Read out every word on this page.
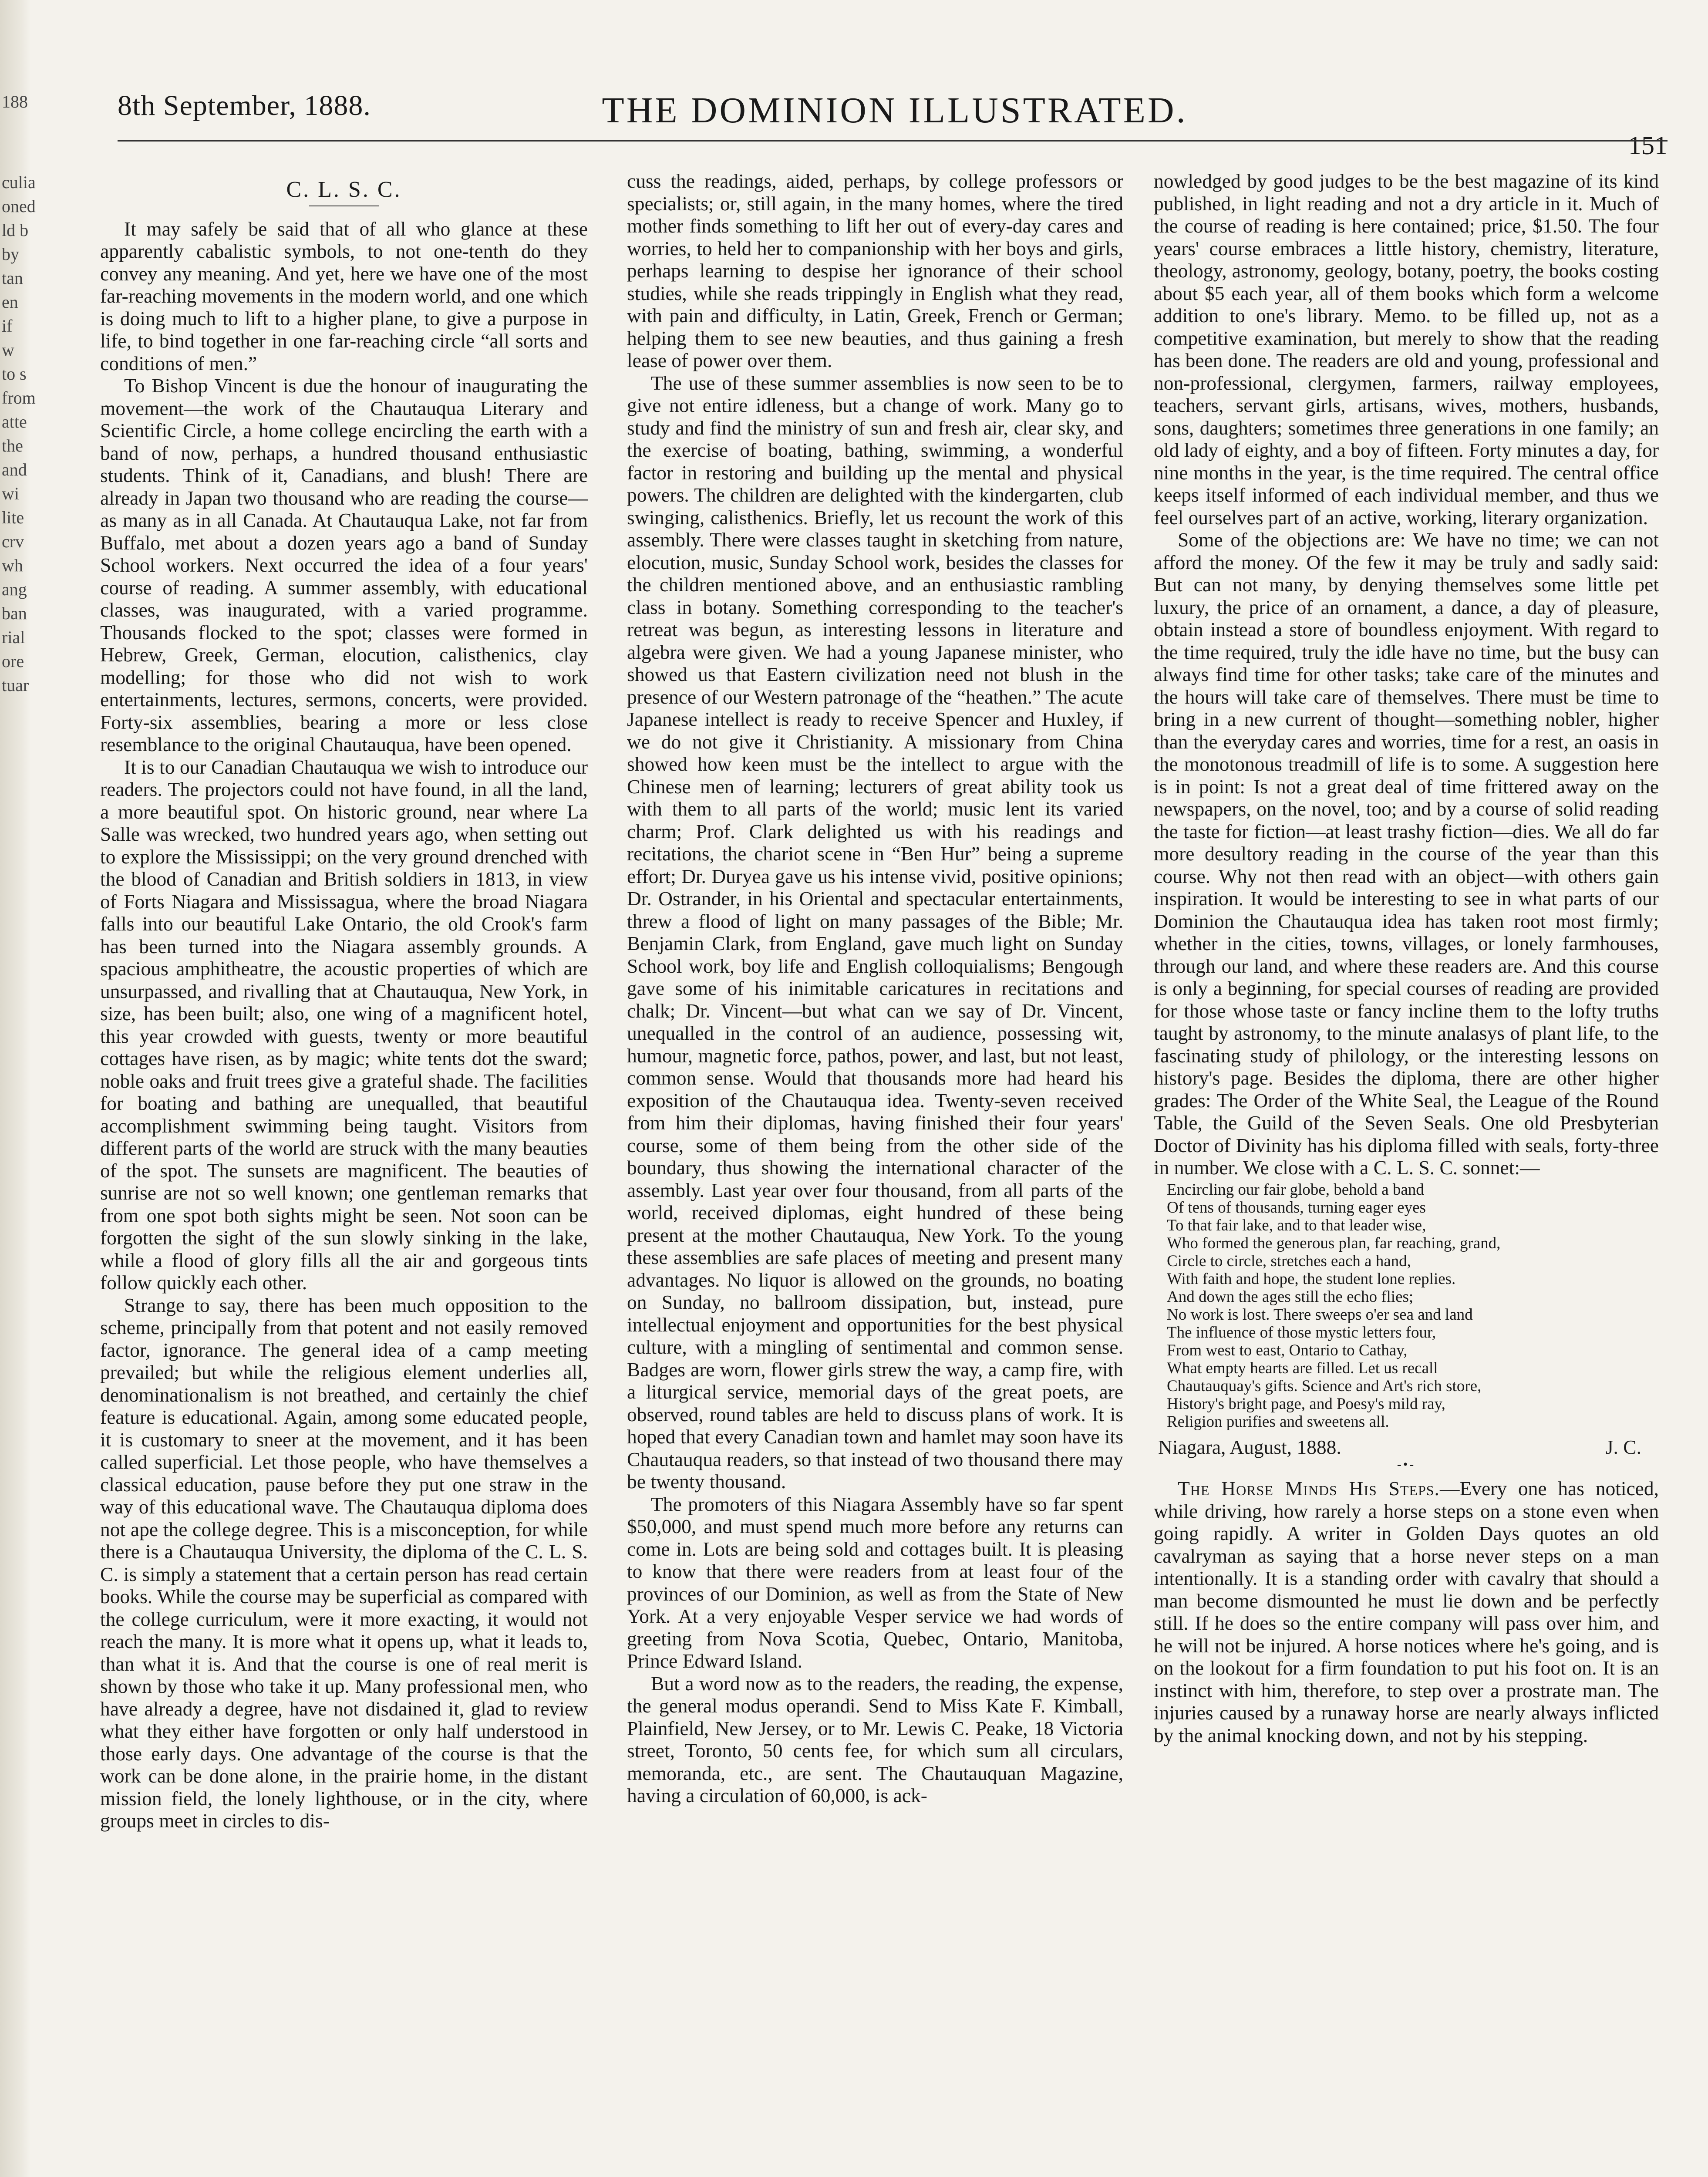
188
culia
oned
ld b
by
tan
en
if
w
to s
from
atte
the
and
wi
lite
crv
wh
ang
ban
rial
ore
tuar
8th September, 1888.	THE DOMINION ILLUSTRATED.
151
C. L. S. C.

It may safely be said that of all who glance at these apparently cabalistic symbols, to not one-tenth do they convey any meaning. And yet, here we have one of the most far-reaching movements in the modern world, and one which is doing much to lift to a higher plane, to give a purpose in life, to bind together in one far-reaching circle “all sorts and conditions of men.”

To Bishop Vincent is due the honour of inaugurating the movement—the work of the Chautauqua Literary and Scientific Circle, a home college encircling the earth with a band of now, perhaps, a hundred thousand enthusiastic students. Think of it, Canadians, and blush! There are already in Japan two thousand who are reading the course—as many as in all Canada. At Chautauqua Lake, not far from Buffalo, met about a dozen years ago a band of Sunday School workers. Next occurred the idea of a four years' course of reading. A summer assembly, with educational classes, was inaugurated, with a varied programme. Thousands flocked to the spot; classes were formed in Hebrew, Greek, German, elocution, calisthenics, clay modelling; for those who did not wish to work entertainments, lectures, sermons, concerts, were provided. Forty-six assemblies, bearing a more or less close resemblance to the original Chautauqua, have been opened.

It is to our Canadian Chautauqua we wish to introduce our readers. The projectors could not have found, in all the land, a more beautiful spot. On historic ground, near where La Salle was wrecked, two hundred years ago, when setting out to explore the Mississippi; on the very ground drenched with the blood of Canadian and British soldiers in 1813, in view of Forts Niagara and Mississagua, where the broad Niagara falls into our beautiful Lake Ontario, the old Crook's farm has been turned into the Niagara assembly grounds. A spacious amphitheatre, the acoustic properties of which are unsurpassed, and rivalling that at Chautauqua, New York, in size, has been built; also, one wing of a magnificent hotel, this year crowded with guests, twenty or more beautiful cottages have risen, as by magic; white tents dot the sward; noble oaks and fruit trees give a grateful shade. The facilities for boating and bathing are unequalled, that beautiful accomplishment swimming being taught. Visitors from different parts of the world are struck with the many beauties of the spot. The sunsets are magnificent. The beauties of sunrise are not so well known; one gentleman remarks that from one spot both sights might be seen. Not soon can be forgotten the sight of the sun slowly sinking in the lake, while a flood of glory fills all the air and gorgeous tints follow quickly each other.

Strange to say, there has been much opposition to the scheme, principally from that potent and not easily removed factor, ignorance. The general idea of a camp meeting prevailed; but while the religious element underlies all, denominationalism is not breathed, and certainly the chief feature is educational. Again, among some educated people, it is customary to sneer at the movement, and it has been called superficial. Let those people, who have themselves a classical education, pause before they put one straw in the way of this educational wave. The Chautauqua diploma does not ape the college degree. This is a misconception, for while there is a Chautauqua University, the diploma of the C. L. S. C. is simply a statement that a certain person has read certain books. While the course may be superficial as compared with the college curriculum, were it more exacting, it would not reach the many. It is more what it opens up, what it leads to, than what it is. And that the course is one of real merit is shown by those who take it up. Many professional men, who have already a degree, have not disdained it, glad to review what they either have forgotten or only half understood in those early days. One advantage of the course is that the work can be done alone, in the prairie home, in the distant mission field, the lonely lighthouse, or in the city, where groups meet in circles to dis-

cuss the readings, aided, perhaps, by college professors or specialists; or, still again, in the many homes, where the tired mother finds something to lift her out of every-day cares and worries, to held her to companionship with her boys and girls, perhaps learning to despise her ignorance of their school studies, while she reads trippingly in English what they read, with pain and difficulty, in Latin, Greek, French or German; helping them to see new beauties, and thus gaining a fresh lease of power over them.

The use of these summer assemblies is now seen to be to give not entire idleness, but a change of work. Many go to study and find the ministry of sun and fresh air, clear sky, and the exercise of boating, bathing, swimming, a wonderful factor in restoring and building up the mental and physical powers. The children are delighted with the kindergarten, club swinging, calisthenics. Briefly, let us recount the work of this assembly. There were classes taught in sketching from nature, elocution, music, Sunday School work, besides the classes for the children mentioned above, and an enthusiastic rambling class in botany. Something corresponding to the teacher's retreat was begun, as interesting lessons in literature and algebra were given. We had a young Japanese minister, who showed us that Eastern civilization need not blush in the presence of our Western patronage of the “heathen.” The acute Japanese intellect is ready to receive Spencer and Huxley, if we do not give it Christianity. A missionary from China showed how keen must be the intellect to argue with the Chinese men of learning; lecturers of great ability took us with them to all parts of the world; music lent its varied charm; Prof. Clark delighted us with his readings and recitations, the chariot scene in “Ben Hur” being a supreme effort; Dr. Duryea gave us his intense vivid, positive opinions; Dr. Ostrander, in his Oriental and spectacular entertainments, threw a flood of light on many passages of the Bible; Mr. Benjamin Clark, from England, gave much light on Sunday School work, boy life and English colloquialisms; Bengough gave some of his inimitable caricatures in recitations and chalk; Dr. Vincent—but what can we say of Dr. Vincent, unequalled in the control of an audience, possessing wit, humour, magnetic force, pathos, power, and last, but not least, common sense. Would that thousands more had heard his exposition of the Chautauqua idea. Twenty-seven received from him their diplomas, having finished their four years' course, some of them being from the other side of the boundary, thus showing the international character of the assembly. Last year over four thousand, from all parts of the world, received diplomas, eight hundred of these being present at the mother Chautauqua, New York. To the young these assemblies are safe places of meeting and present many advantages. No liquor is allowed on the grounds, no boating on Sunday, no ballroom dissipation, but, instead, pure intellectual enjoyment and opportunities for the best physical culture, with a mingling of sentimental and common sense. Badges are worn, flower girls strew the way, a camp fire, with a liturgical service, memorial days of the great poets, are observed, round tables are held to discuss plans of work. It is hoped that every Canadian town and hamlet may soon have its Chautauqua readers, so that instead of two thousand there may be twenty thousand.

The promoters of this Niagara Assembly have so far spent $50,000, and must spend much more before any returns can come in. Lots are being sold and cottages built. It is pleasing to know that there were readers from at least four of the provinces of our Dominion, as well as from the State of New York. At a very enjoyable Vesper service we had words of greeting from Nova Scotia, Quebec, Ontario, Manitoba, Prince Edward Island.

But a word now as to the readers, the reading, the expense, the general modus operandi. Send to Miss Kate F. Kimball, Plainfield, New Jersey, or to Mr. Lewis C. Peake, 18 Victoria street, Toronto, 50 cents fee, for which sum all circulars, memoranda, etc., are sent. The Chautauquan Magazine, having a circulation of 60,000, is ack-

nowledged by good judges to be the best magazine of its kind published, in light reading and not a dry article in it. Much of the course of reading is here contained; price, $1.50. The four years' course embraces a little history, chemistry, literature, theology, astronomy, geology, botany, poetry, the books costing about $5 each year, all of them books which form a welcome addition to one's library. Memo. to be filled up, not as a competitive examination, but merely to show that the reading has been done. The readers are old and young, professional and non-professional, clergymen, farmers, railway employees, teachers, servant girls, artisans, wives, mothers, husbands, sons, daughters; sometimes three generations in one family; an old lady of eighty, and a boy of fifteen. Forty minutes a day, for nine months in the year, is the time required. The central office keeps itself informed of each individual member, and thus we feel ourselves part of an active, working, literary organization.

Some of the objections are: We have no time; we can not afford the money. Of the few it may be truly and sadly said: But can not many, by denying themselves some little pet luxury, the price of an ornament, a dance, a day of pleasure, obtain instead a store of boundless enjoyment. With regard to the time required, truly the idle have no time, but the busy can always find time for other tasks; take care of the minutes and the hours will take care of themselves. There must be time to bring in a new current of thought—something nobler, higher than the everyday cares and worries, time for a rest, an oasis in the monotonous treadmill of life is to some. A suggestion here is in point: Is not a great deal of time frittered away on the newspapers, on the novel, too; and by a course of solid reading the taste for fiction—at least trashy fiction—dies. We all do far more desultory reading in the course of the year than this course. Why not then read with an object—with others gain inspiration. It would be interesting to see in what parts of our Dominion the Chautauqua idea has taken root most firmly; whether in the cities, towns, villages, or lonely farmhouses, through our land, and where these readers are. And this course is only a beginning, for special courses of reading are provided for those whose taste or fancy incline them to the lofty truths taught by astronomy, to the minute analasys of plant life, to the fascinating study of philology, or the interesting lessons on history's page. Besides the diploma, there are other higher grades: The Order of the White Seal, the League of the Round Table, the Guild of the Seven Seals. One old Presbyterian Doctor of Divinity has his diploma filled with seals, forty-three in number. We close with a C. L. S. C. sonnet:—

Encircling our fair globe, behold a band
Of tens of thousands, turning eager eyes
To that fair lake, and to that leader wise,
Who formed the generous plan, far reaching, grand,
Circle to circle, stretches each a hand,
With faith and hope, the student lone replies.
And down the ages still the echo flies;
No work is lost. There sweeps o'er sea and land
The influence of those mystic letters four,
From west to east, Ontario to Cathay,
What empty hearts are filled. Let us recall
Chautauquay's gifts. Science and Art's rich store,
History's bright page, and Poesy's mild ray,
Religion purifies and sweetens all.
Niagara, August, 1888.	J. C.
-•-

The Horse Minds His Steps.—Every one has noticed, while driving, how rarely a horse steps on a stone even when going rapidly. A writer in Golden Days quotes an old cavalryman as saying that a horse never steps on a man intentionally. It is a standing order with cavalry that should a man become dismounted he must lie down and be perfectly still. If he does so the entire company will pass over him, and he will not be injured. A horse notices where he's going, and is on the lookout for a firm foundation to put his foot on. It is an instinct with him, therefore, to step over a prostrate man. The injuries caused by a runaway horse are nearly always inflicted by the animal knocking down, and not by his stepping.
